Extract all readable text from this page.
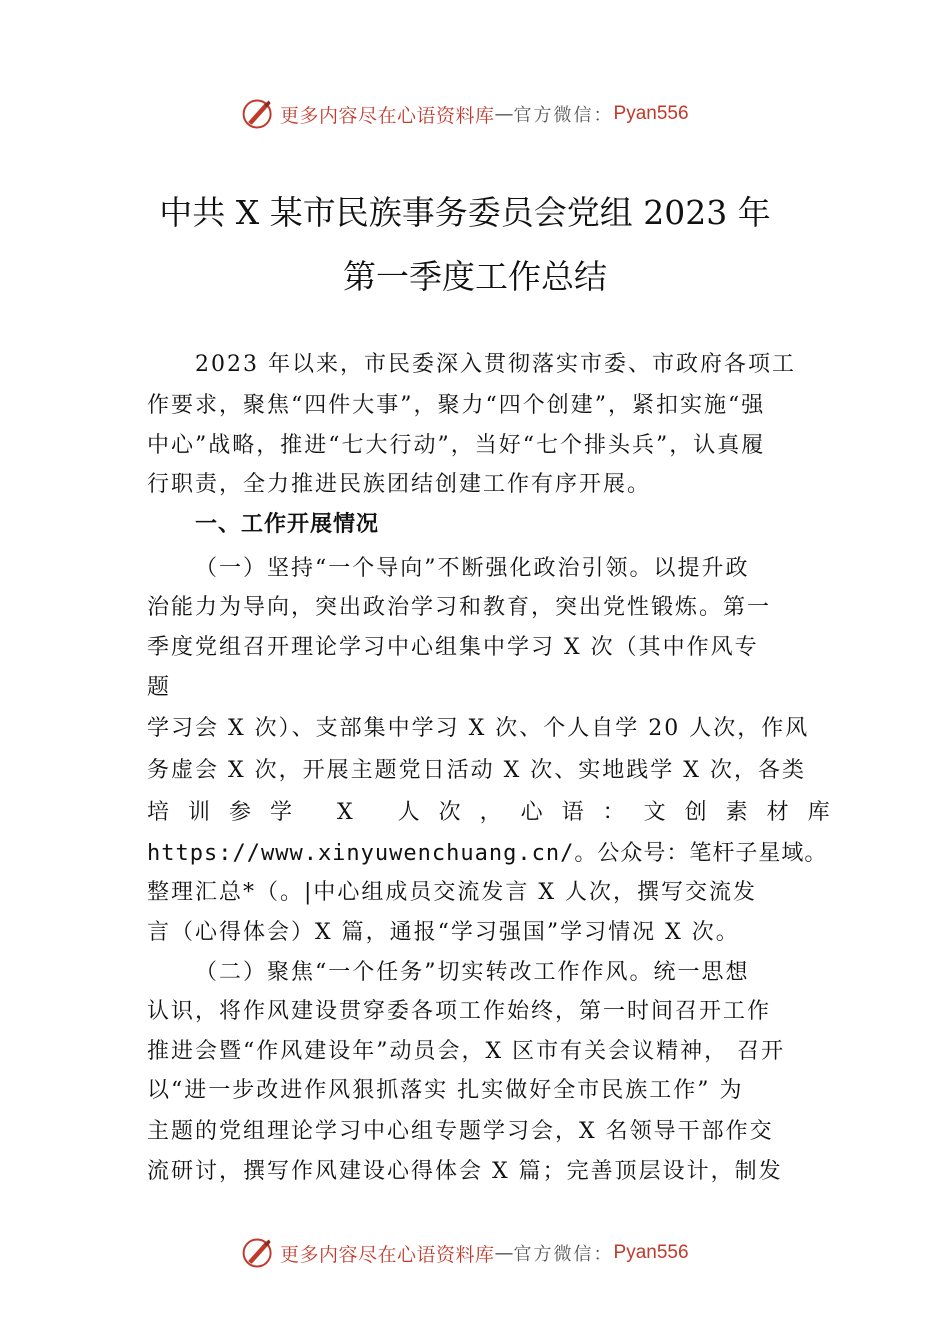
更多内容尽在心语资料库 — 官方微信： Pyan556
中共 X 某市民族事务委员会党组 2023 年
第一季度工作总结
2023 年以来，市民委深入贯彻落实市委、市政府各项工
作要求，聚焦“四件大事”，聚力“四个创建”，紧扣实施“强
中心”战略，推进“七大行动”，当好“七个排头兵”，认真履
行职责，全力推进民族团结创建工作有序开展。
一、工作开展情况
（一）坚持“一个导向”不断强化政治引领。以提升政
治能力为导向，突出政治学习和教育，突出党性锻炼。第一
季度党组召开理论学习中心组集中学习 X 次（其中作风专
题
学习会 X 次）、支部集中学习 X 次、个人自学 20 人次，作风
务虚会 X 次，开展主题党日活动 X 次、实地践学 X 次，各类
培训参学 X 人次，心语：文创素材库
https://www.xinyuwenchuang.cn/。公众号：笔杆子星域。
整理汇总*（。|中心组成员交流发言 X 人次，撰写交流发
言（心得体会）X 篇，通报“学习强国”学习情况 X 次。
（二）聚焦“一个任务”切实转改工作作风。统一思想
认识，将作风建设贯穿委各项工作始终，第一时间召开工作
推进会暨“作风建设年”动员会，X 区市有关会议精神， 召开
以“进一步改进作风狠抓落实 扎实做好全市民族工作” 为
主题的党组理论学习中心组专题学习会，X 名领导干部作交
流研讨，撰写作风建设心得体会 X 篇；完善顶层设计，制发
更多内容尽在心语资料库 — 官方微信： Pyan556
